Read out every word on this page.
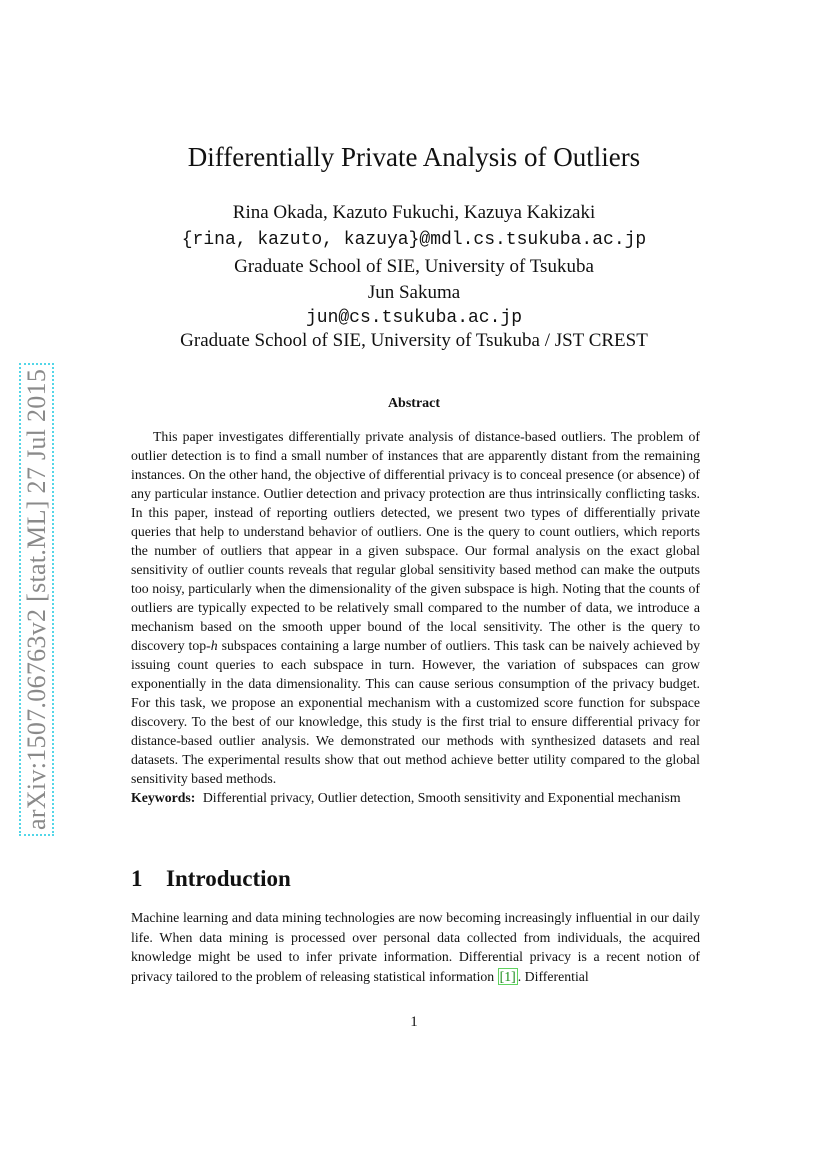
arXiv:1507.06763v2 [stat.ML] 27 Jul 2015
Differentially Private Analysis of Outliers
Rina Okada, Kazuto Fukuchi, Kazuya Kakizaki
{rina, kazuto, kazuya}@mdl.cs.tsukuba.ac.jp
Graduate School of SIE, University of Tsukuba
Jun Sakuma
jun@cs.tsukuba.ac.jp
Graduate School of SIE, University of Tsukuba / JST CREST
Abstract

This paper investigates differentially private analysis of distance-based outliers. The problem of outlier detection is to find a small number of instances that are apparently distant from the remaining instances. On the other hand, the objective of differential privacy is to conceal presence (or absence) of any particular instance. Outlier detection and privacy protection are thus intrinsically conflicting tasks. In this paper, instead of reporting outliers detected, we present two types of differentially private queries that help to understand behavior of outliers. One is the query to count outliers, which reports the number of outliers that appear in a given subspace. Our formal analysis on the exact global sensitivity of outlier counts reveals that regular global sensitivity based method can make the outputs too noisy, particularly when the dimensionality of the given subspace is high. Noting that the counts of outliers are typically expected to be relatively small compared to the number of data, we introduce a mechanism based on the smooth upper bound of the local sensitivity. The other is the query to discovery top-h subspaces containing a large number of outliers. This task can be naively achieved by issuing count queries to each subspace in turn. However, the variation of subspaces can grow exponentially in the data dimensionality. This can cause serious consumption of the privacy budget. For this task, we propose an exponential mechanism with a customized score function for subspace discovery. To the best of our knowledge, this study is the first trial to ensure differential privacy for distance-based outlier analysis. We demonstrated our methods with synthesized datasets and real datasets. The experimental results show that out method achieve better utility compared to the global sensitivity based methods.

Keywords: Differential privacy, Outlier detection, Smooth sensitivity and Exponential mechanism

1 Introduction

Machine learning and data mining technologies are now becoming increasingly influential in our daily life. When data mining is processed over personal data collected from individuals, the acquired knowledge might be used to infer private information. Differential privacy is a recent notion of privacy tailored to the problem of releasing statistical information [1] . Differential

1
